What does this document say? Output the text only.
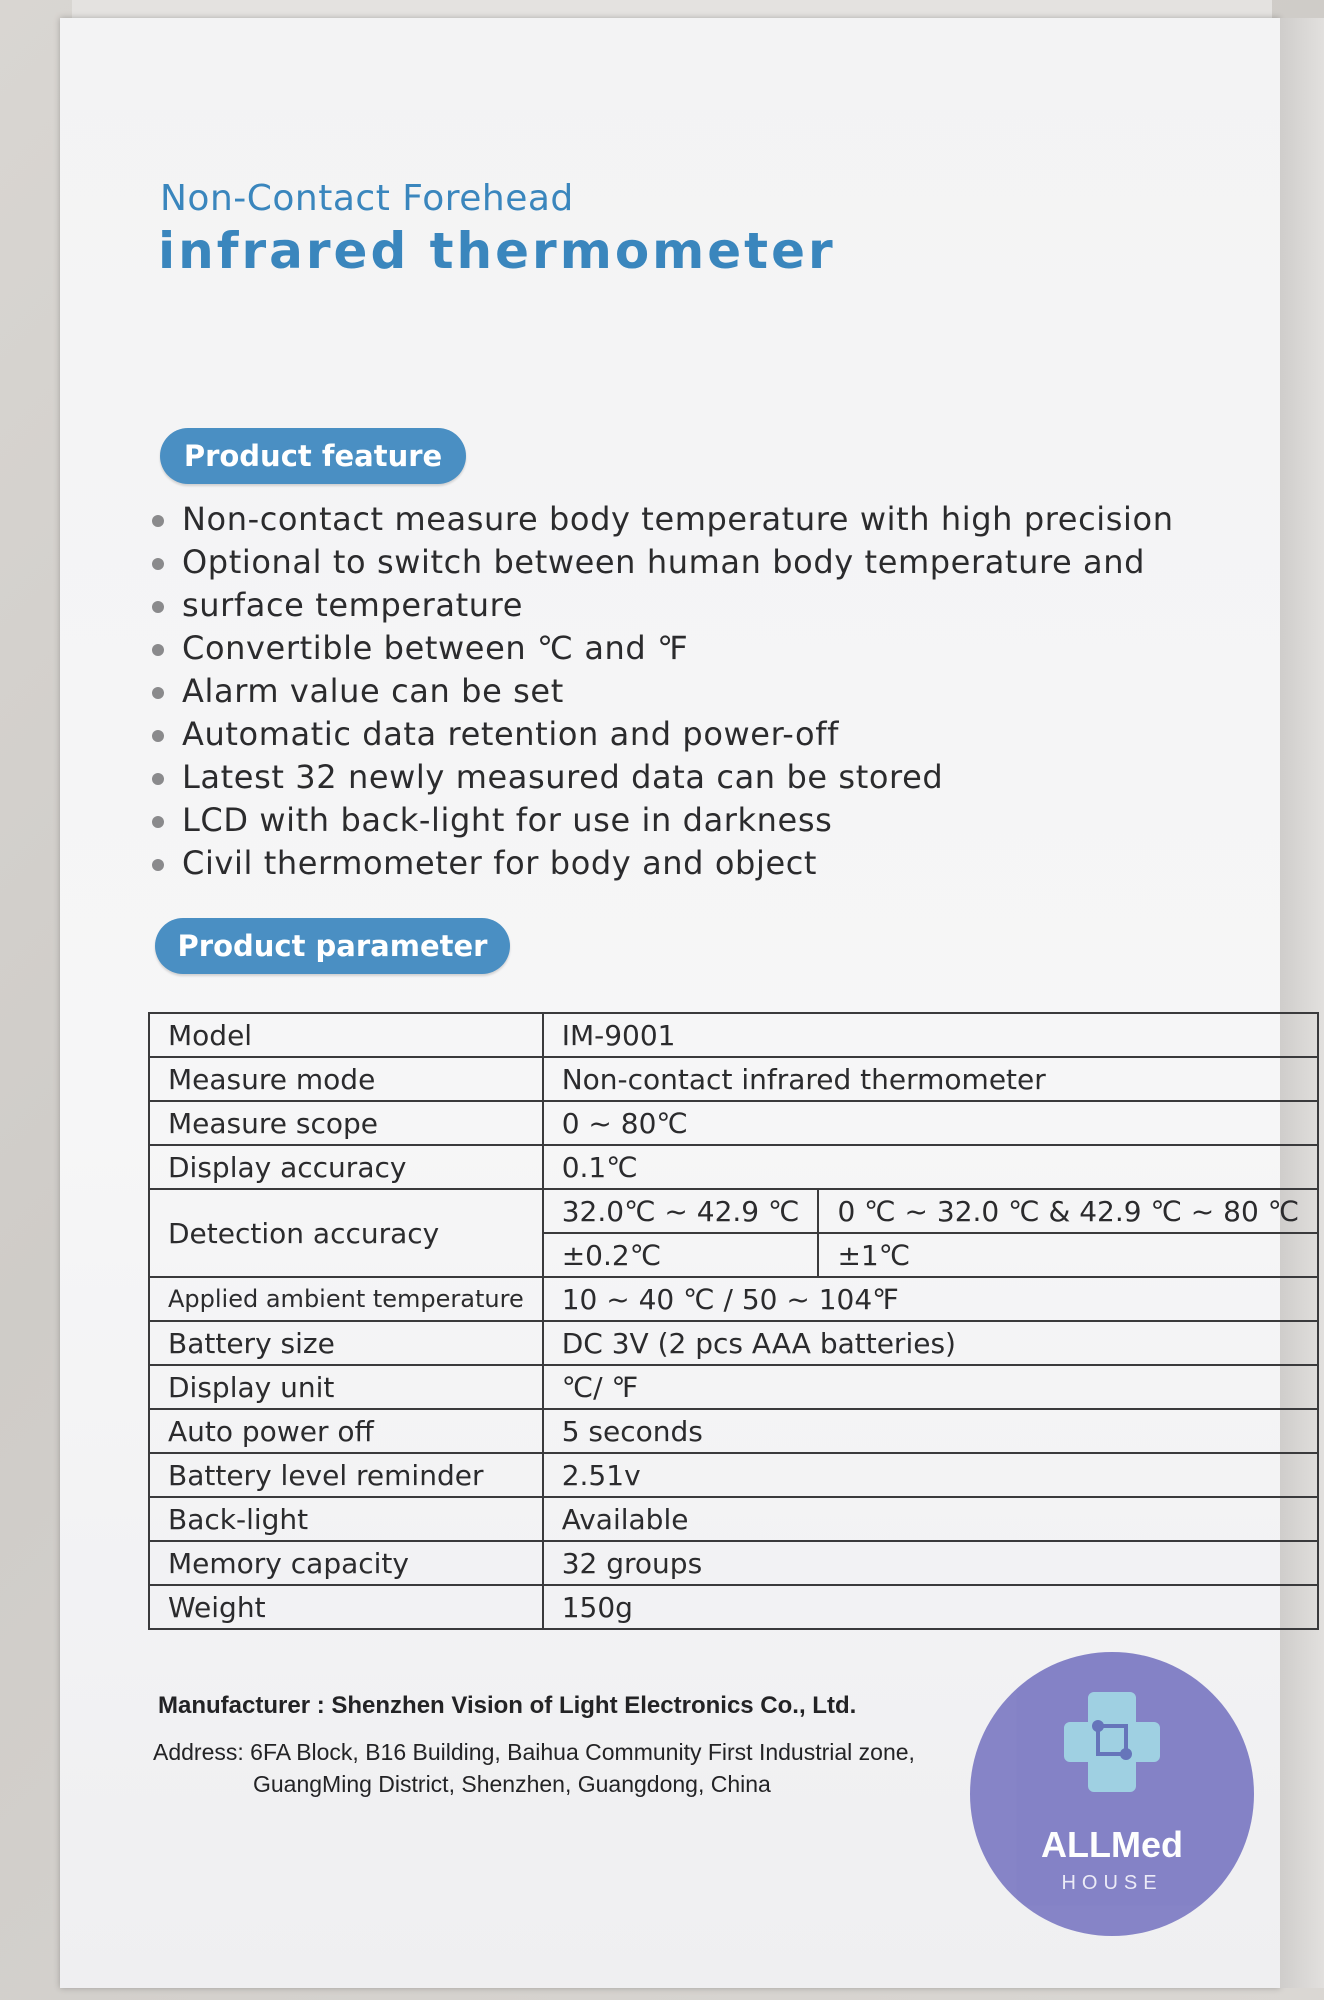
Non-Contact Forehead
infrared thermometer
Product feature
Non-contact measure body temperature with high precision
Optional to switch between human body temperature and
surface temperature
Convertible between ℃ and ℉
Alarm value can be set
Automatic data retention and power-off
Latest 32 newly measured data can be stored
LCD with back-light for use in darkness
Civil thermometer for body and object
Product parameter
Model	IM-9001	
Measure mode	Non-contact infrared thermometer	
Measure scope	0 ~ 80℃	
Display accuracy	0.1℃	
Detection accuracy	32.0℃ ~ 42.9 ℃	0 ℃ ~ 32.0 ℃ & 42.9 ℃ ~ 80 ℃
	±0.2℃	±1℃
Applied ambient temperature	10 ~ 40 ℃ / 50 ~ 104℉	
Battery size	DC 3V (2 pcs AAA batteries)	
Display unit	℃/ ℉	
Auto power off	5 seconds	
Battery level reminder	2.51v	
Back-light	Available	
Memory capacity	32 groups	
Weight	150g	
Manufacturer : Shenzhen Vision of Light Electronics Co., Ltd.
Address: 6FA Block, B16 Building, Baihua Community First Industrial zone,
GuangMing District, Shenzhen, Guangdong, China
ALLMed
HOUSE
